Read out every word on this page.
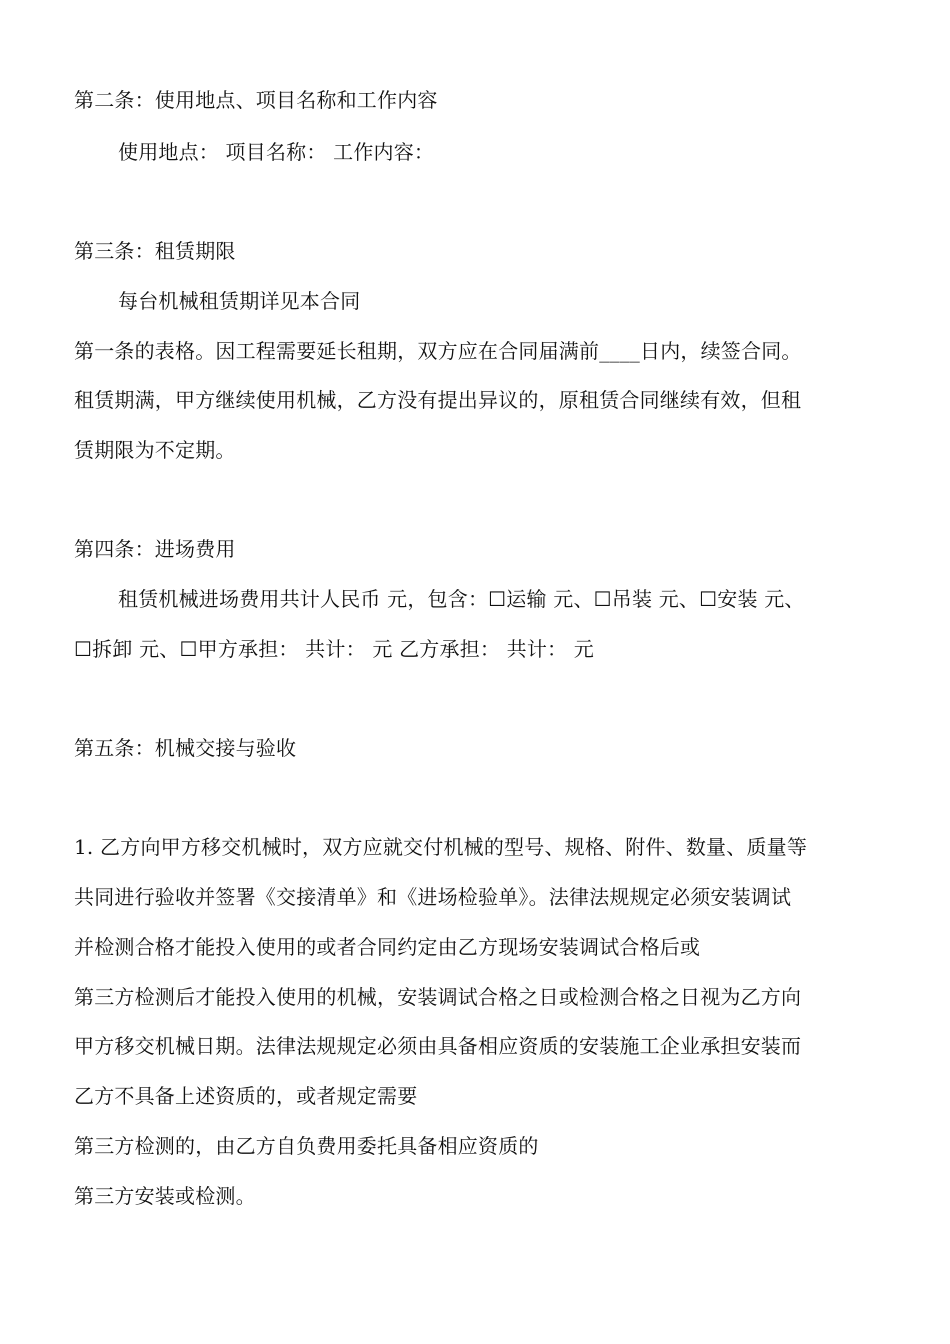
第二条：使用地点、项目名称和工作内容
使用地点： 项目名称： 工作内容：
第三条：租赁期限
每台机械租赁期详见本合同
第一条的表格。因工程需要延长租期，双方应在合同届满前____日内，续签合同。
租赁期满，甲方继续使用机械，乙方没有提出异议的，原租赁合同继续有效，但租
赁期限为不定期。
第四条：进场费用
租赁机械进场费用共计人民币 元，包含：☐运输 元、☐吊装 元、☐安装 元、
☐拆卸 元、☐甲方承担： 共计： 元 乙方承担： 共计： 元
第五条：机械交接与验收
1. 乙方向甲方移交机械时，双方应就交付机械的型号、规格、附件、数量、质量等
共同进行验收并签署《交接清单》和《进场检验单》。法律法规规定必须安装调试
并检测合格才能投入使用的或者合同约定由乙方现场安装调试合格后或
第三方检测后才能投入使用的机械，安装调试合格之日或检测合格之日视为乙方向
甲方移交机械日期。法律法规规定必须由具备相应资质的安装施工企业承担安装而
乙方不具备上述资质的，或者规定需要
第三方检测的，由乙方自负费用委托具备相应资质的
第三方安装或检测。
